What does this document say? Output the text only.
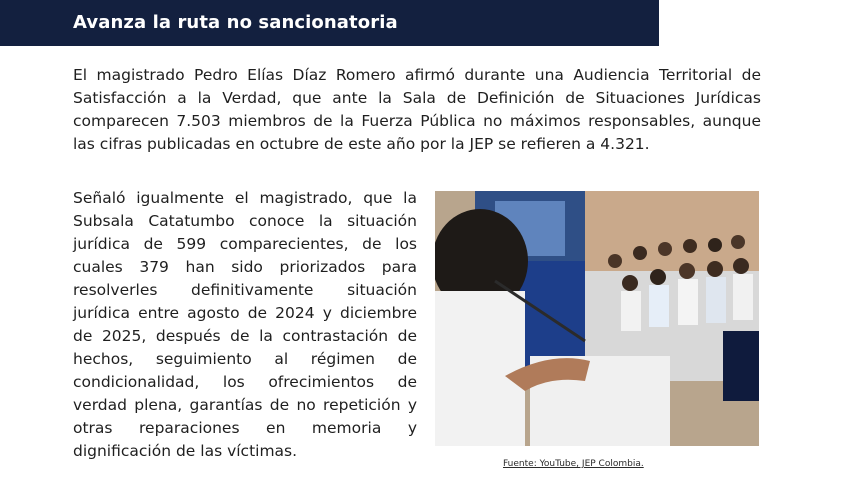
Avanza la ruta no sancionatoria

El magistrado Pedro Elías Díaz Romero afirmó durante una Audiencia Territorial de Satisfacción a la Verdad, que ante la Sala de Definición de Situaciones Jurídicas comparecen 7.503 miembros de la Fuerza Pública no máximos responsables, aunque las cifras publicadas en octubre de este año por la JEP se refieren a 4.321.

Señaló igualmente el magistrado, que la Subsala Catatumbo conoce la situación jurídica de 599 comparecientes, de los cuales 379 han sido priorizados para resolverles definitivamente situación jurídica entre agosto de 2024 y diciembre de 2025, después de la contrastación de hechos, seguimiento al régimen de condicionalidad, los ofrecimientos de verdad plena, garantías de no repetición y otras reparaciones en memoria y dignificación de las víctimas.

Fuente: YouTube, JEP Colombia.
